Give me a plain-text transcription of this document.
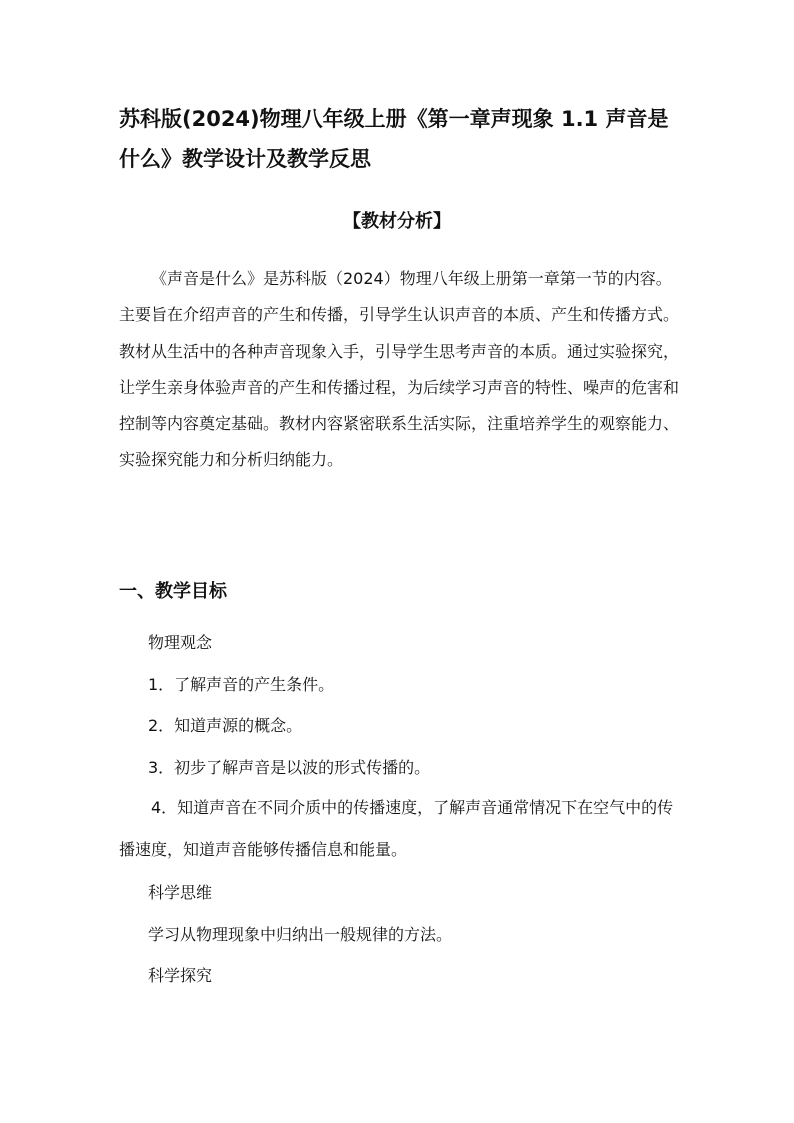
苏科版(2024)物理八年级上册《第一章声现象 1.1 声音是什么》教学设计及教学反思
【教材分析】

《声音是什么》是苏科版（2024）物理八年级上册第一章第一节的内容。主要旨在介绍声音的产生和传播，引导学生认识声音的本质、产生和传播方式。教材从生活中的各种声音现象入手，引导学生思考声音的本质。通过实验探究，让学生亲身体验声音的产生和传播过程，为后续学习声音的特性、噪声的危害和控制等内容奠定基础。教材内容紧密联系生活实际，注重培养学生的观察能力、实验探究能力和分析归纳能力。

一、教学目标

物理观念

1．了解声音的产生条件。

2．知道声源的概念。

3．初步了解声音是以波的形式传播的。

4．知道声音在不同介质中的传播速度，了解声音通常情况下在空气中的传播速度，知道声音能够传播信息和能量。

科学思维

学习从物理现象中归纳出一般规律的方法。

科学探究
